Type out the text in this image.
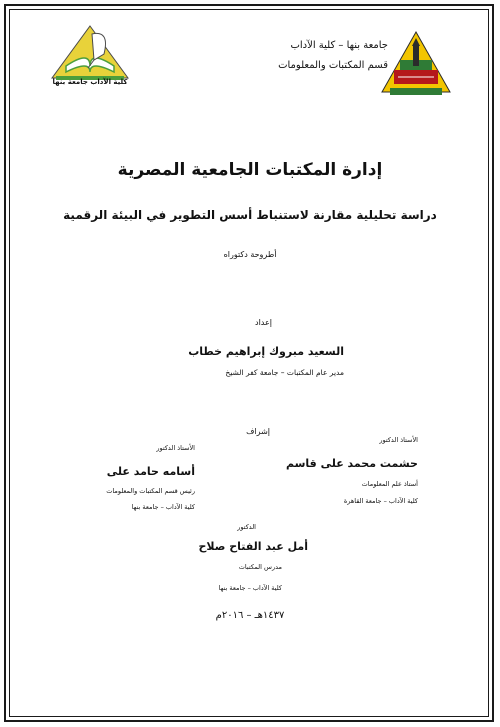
كلية الآداب جامعة بنها
جامعة بنها – كلية الآداب
قسم المكتبات والمعلومات
إدارة المكتبات الجامعية المصرية
دراسة تحليلية مقارنة لاستنباط أسس التطوير في البيئة الرقمية
أطروحة دكتوراه
إعداد
السعيد مبروك إبراهيم خطاب
مدير عام المكتبات – جامعة كفر الشيخ
إشراف
الأستاذ الدكتور
حشمت محمد على قاسم
أستاذ علم المعلومات
كلية الآداب – جامعة القاهرة
الأستاذ الدكتور
أسامه حامد على
رئيس قسم المكتبات والمعلومات
كلية الآداب – جامعة بنها
الدكتور
أمل عبد الفتاح صلاح
مدرس المكتبات
كلية الآداب – جامعة بنها
١٤٣٧هـ – ٢٠١٦م
